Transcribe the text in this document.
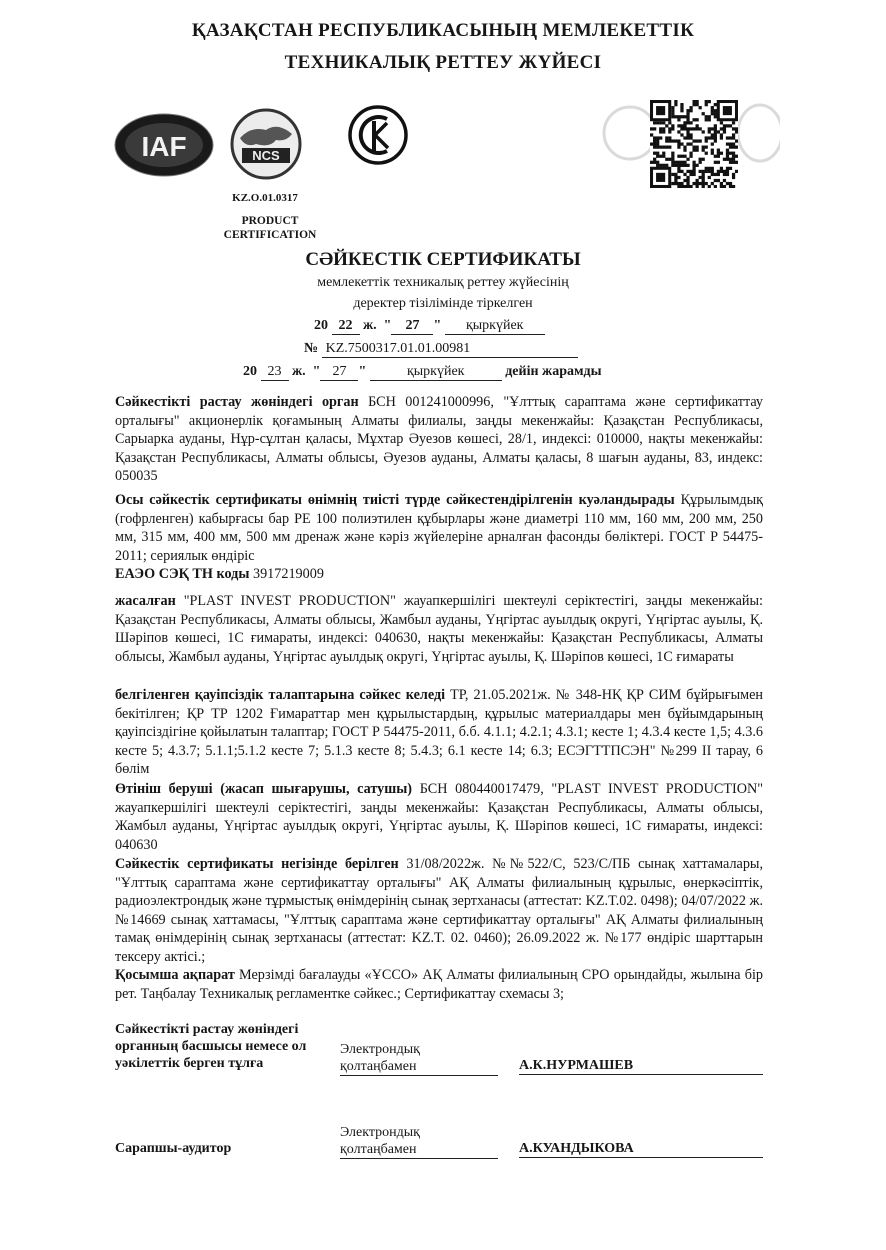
ҚАЗАҚСТАН РЕСПУБЛИКАСЫНЫҢ МЕМЛЕКЕТТІК
ТЕХНИКАЛЫҚ РЕТТЕУ ЖҮЙЕСІ
IAF	NCS
KZ.O.01.0317
PRODUCT
CERTIFICATION
СӘЙКЕСТІК СЕРТИФИКАТЫ
мемлекеттік техникалық реттеу жүйесінің
деректер тізілімінде тіркелген
20 22 ж.  " 27 " қыркүйек
№ KZ.7500317.01.01.00981
20 23 ж.  " 27 "	қыркүйек	дейін жарамды
Сәйкестікті растау жөніндегі орган БСН 001241000996, "Ұлттық сараптама және сертификаттау орталығы" акционерлік қоғамының Алматы филиалы, заңды мекенжайы: Қазақстан Республикасы, Сарыарка ауданы, Нұр-сұлтан қаласы, Мұхтар Әуезов көшесі, 28/1, индексі: 010000, нақты мекенжайы: Қазақстан Республикасы, Алматы облысы, Әуезов ауданы, Алматы қаласы, 8 шағын ауданы, 83, индекс: 050035
Осы сәйкестік сертификаты өнімнің тиісті түрде сәйкестендірілгенін куәландырады Құрылымдық (гофрленген) кабырғасы бар PE 100 полиэтилен құбырлары және диаметрі 110 мм, 160 мм, 200 мм, 250 мм, 315 мм, 400 мм, 500 мм дренаж және кәріз жүйелеріне арналған фасонды бөліктері. ГОСТ Р 54475-2011; сериялык өндіріс
ЕАЭО СЭҚ ТН коды 3917219009
жасалған "PLAST INVEST PRODUCTION" жауапкершілігі шектеулі серіктестігі, заңды мекенжайы: Қазақстан Республикасы, Алматы облысы, Жамбыл ауданы, Үңгіртас ауылдық округі, Үңгіртас ауылы, Қ. Шәріпов көшесі, 1С ғимараты, индексі: 040630, нақты мекенжайы: Қазақстан Республикасы, Алматы облысы, Жамбыл ауданы, Үңгіртас ауылдық округі, Үңгіртас ауылы, Қ. Шәріпов көшесі, 1С ғимараты
белгіленген қауіпсіздік талаптарына сәйкес келеді ТР, 21.05.2021ж. № 348-НҚ ҚР СИМ бұйрығымен бекітілген; ҚР ТР 1202 Ғимараттар мен құрылыстардың, құрылыс материалдары мен бұйымдарының қауіпсіздігіне қойылатын талаптар; ГОСТ Р 54475-2011, б.б. 4.1.1; 4.2.1; 4.3.1; кесте 1; 4.3.4 кесте 1,5; 4.3.6 кесте 5; 4.3.7; 5.1.1;5.1.2 кесте 7; 5.1.3 кесте 8; 5.4.3; 6.1 кесте 14; 6.3; ЕСЭГТТПСЭН" №299 II тарау, 6 бөлім
Өтініш беруші (жасап шығарушы, сатушы) БСН 080440017479, "PLAST INVEST PRODUCTION" жауапкершілігі шектеулі серіктестігі, заңды мекенжайы: Қазақстан Республикасы, Алматы облысы, Жамбыл ауданы, Үңгіртас ауылдық округі, Үңгіртас ауылы, Қ. Шәріпов көшесі, 1С ғимараты, индексі: 040630
Сәйкестік сертификаты негізінде берілген 31/08/2022ж. №№522/С, 523/С/ПБ сынақ хаттамалары, "Ұлттық сараптама және сертификаттау орталығы" АҚ Алматы филиалының құрылыс, өнеркәсіптік, радиоэлектрондық және тұрмыстық өнімдерінің сынақ зертханасы (аттестат: KZ.T.02. 0498); 04/07/2022 ж. №14669 сынақ хаттамасы, "Ұлттық сараптама және сертификаттау орталығы" АҚ Алматы филиалының тамақ өнімдерінің сынақ зертханасы (аттестат: KZ.T. 02. 0460); 26.09.2022 ж. №177 өндіріс шарттарын тексеру актісі.;
Қосымша ақпарат Мерзімді бағалауды «ҰССО» АҚ Алматы филиалының СРО орындайды, жылына бір рет. Таңбалау Техникалық регламентке сәйкес.; Сертификаттау схемасы 3;
Сәйкестікті растау жөніндегі
органның басшысы немесе ол
уәкілеттік берген тұлға
Электрондық
қолтаңбамен	А.К.НУРМАШЕВ
Сарапшы-аудитор
Электрондық
қолтаңбамен	А.КУАНДЫКОВА
